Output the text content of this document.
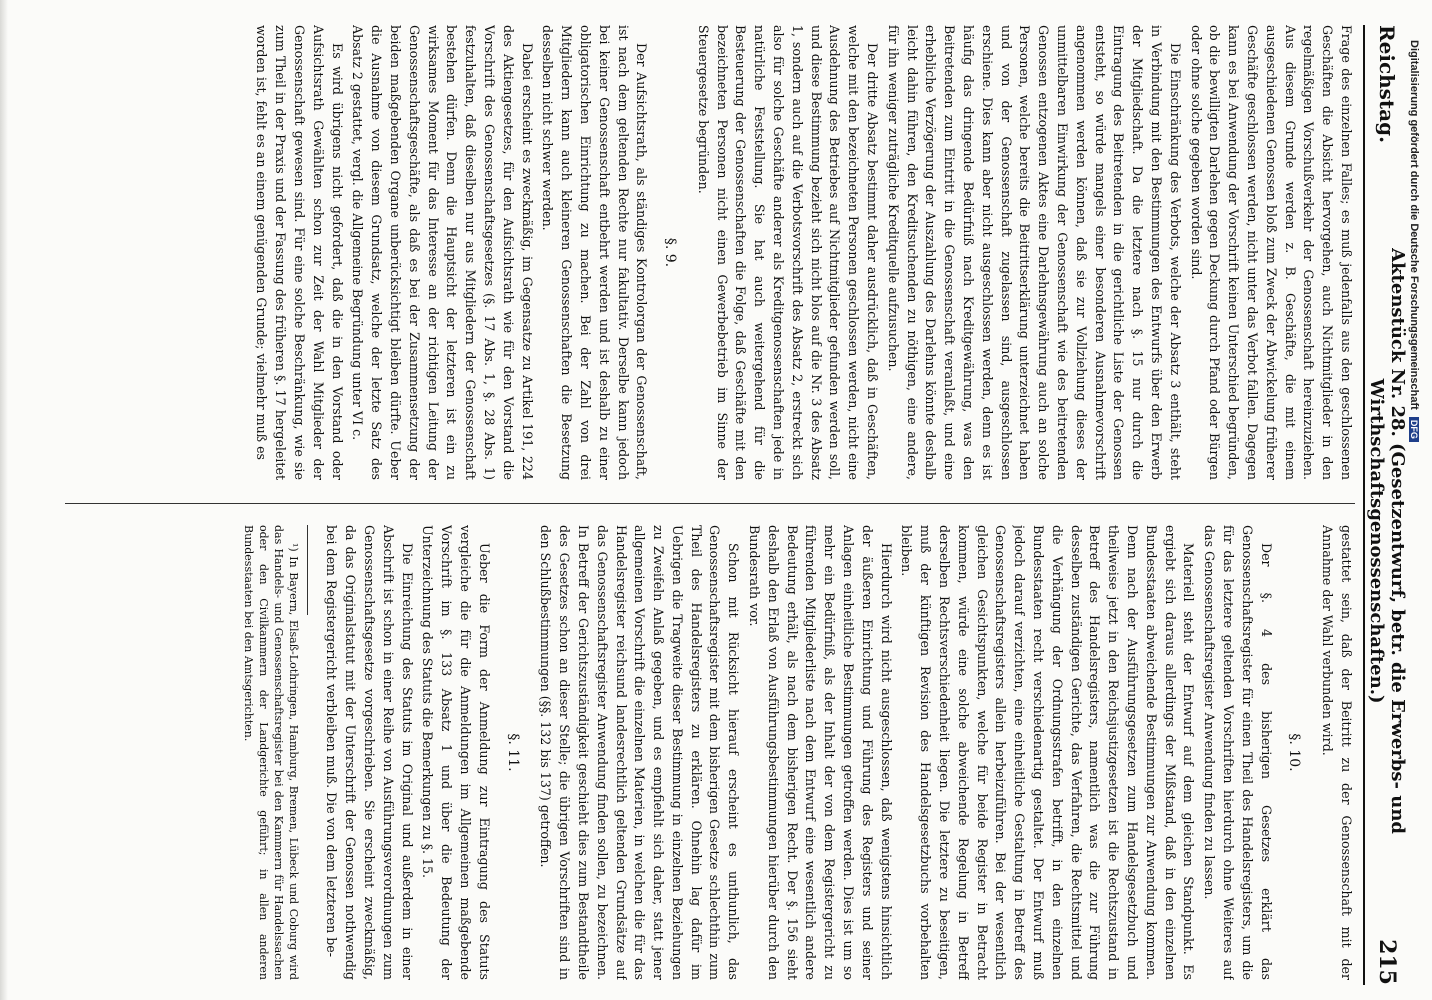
Reichstag.
Aktenstück Nr. 28. (Gesetzentwurf, betr. die Erwerbs- und Wirthschaftsgenossenschaften.)
215

Frage des einzelnen Falles; es muß jedenfalls aus den geschlossenen Geschäften die Absicht hervorgehen, auch Nichtmitglieder in den regelmäßigen Vorschußverkehr der Genossenschaft hereinzuziehen. Aus diesem Grunde werden z. B. Geschäfte, die mit einem ausgeschiedenen Genossen bloß zum Zweck der Abwickelung früherer Geschäfte geschlossen werden, nicht unter das Verbot fallen. Dagegen kann es bei Anwendung der Vorschrift keinen Unterschied begründen, ob die bewilligten Darlehen gegen Deckung durch Pfand oder Bürgen oder ohne solche gegeben worden sind.

Die Einschränkung des Verbots, welche der Absatz 3 enthält, steht in Verbindung mit den Bestimmungen des Entwurfs über den Erwerb der Mitgliedschaft. Da die letztere nach §. 15 nur durch die Eintragung des Beitretenden in die gerichtliche Liste der Genossen entsteht, so würde mangels einer besonderen Ausnahmevorschrift angenommen werden können, daß sie zur Vollziehung dieses der unmittelbaren Einwirkung der Genossenschaft wie des beitretenden Genossen entzogenen Aktes eine Darlehnsgewährung auch an solche Personen, welche bereits die Beitrittserklärung unterzeichnet haben und von der Genossenschaft zugelassen sind, ausgeschlossen erschiene. Dies kann aber nicht ausgeschlossen werden, denn es ist häufig das dringende Bedürfniß nach Kreditgewährung, was den Beitretenden zum Eintritt in die Genossenschaft veranlaßt, und eine erhebliche Verzögerung der Auszahlung des Darlehns könnte deshalb leicht dahin führen, den Kreditsuchenden zu nöthigen, eine andere, für ihn weniger zuträgliche Kreditquelle aufzusuchen.

Der dritte Absatz bestimmt daher ausdrücklich, daß in Geschäften, welche mit den bezeichneten Personen geschlossen werden, nicht eine Ausdehnung des Betriebes auf Nichtmitglieder gefunden werden soll, und diese Bestimmung bezieht sich nicht blos auf die Nr. 3 des Absatz 1, sondern auch auf die Verbotsvorschrift des Absatz 2, erstreckt sich also für solche Geschäfte anderer als Kreditgenossenschaften jede in natürliche Feststellung. Sie hat auch weitergehend für die Besteuerung der Genossenschaften die Folge, daß Geschäfte mit den bezeichneten Personen nicht einen Gewerbebetrieb im Sinne der Steuergesetze begründen.

§. 9.

Der Aufsichtsrath, als ständiges Kontrolorgan der Genossenschaft, ist nach dem geltenden Rechte nur fakultativ. Derselbe kann jedoch bei keiner Genossenschaft entbehrt werden und ist deshalb zu einer obligatorischen Einrichtung zu machen. Bei der Zahl von drei Mitgliedern kann auch kleineren Genossenschaften die Besetzung desselben nicht schwer werden.

Dabei erscheint es zweckmäßig, im Gegensatze zu Artikel 191, 224 des Aktiengesetzes, für den Aufsichtsrath wie für den Vorstand die Vorschrift des Genossenschaftsgesetzes (§. 17 Abs. 1, §. 28 Abs. 1) festzuhalten, daß dieselben nur aus Mitgliedern der Genossenschaft bestehen dürfen. Denn die Hauptsicht der letzteren ist ein zu wirksames Moment für das Interesse an der richtigen Leitung der Genossenschaftsgeschäfte, als daß es bei der Zusammensetzung der beiden maßgebenden Organe unberücksichtigt bleiben dürfte. Ueber die Ausnahme von diesem Grundsatz, welche der letzte Satz des Absatz 2 gestattet, vergl. die Allgemeine Begründung unter VI c.

Es wird übrigens nicht gefordert, daß die in den Vorstand oder Aufsichtsrath Gewählten schon zur Zeit der Wahl Mitglieder der Genossenschaft gewesen sind. Für eine solche Beschränkung, wie sie zum Theil in der Praxis und der Fassung des früheren §. 17 hergeleitet worden ist, fehlt es an einem genügenden Grunde; vielmehr muß es

gestattet sein, daß der Beitritt zu der Genossenschaft mit der Annahme der Wahl verbunden wird.

§. 10.

Der §. 4 des bisherigen Gesetzes erklärt das Genossenschaftsregister für einen Theil des Handelsregisters, um die für das letztere geltenden Vorschriften hierdurch ohne Weiteres auf das Genossenschaftsregister Anwendung finden zu lassen.

Materiell steht der Entwurf auf dem gleichen Standpunkt. Es ergiebt sich daraus allerdings der Mißstand, daß in den einzelnen Bundesstaaten abweichende Bestimmungen zur Anwendung kommen. Denn nach der Ausführungsgesetzen zum Handelsgesetzbuch und theilweise jetzt in den Reichsjustizgesetzen ist die Rechtszustand in Betreff des Handelsregisters, namentlich was die zur Führung desselben zuständigen Gerichte, das Verfahren, die Rechtsmittel und die Verhängung der Ordnungsstrafen betrifft, in den einzelnen Bundesstaaten recht verschiedenartig gestaltet. Der Entwurf muß jedoch darauf verzichten, eine einheitliche Gestaltung in Betreff des Genossenschaftsregisters allein herbeizuführen. Bei der wesentlich gleichen Gesichtspunkten, welche für beide Register in Betracht kommen, würde eine solche abweichende Regelung in Betreff derselben Rechtsverschiedenheit liegen. Die letztere zu beseitigen, muß der künftigen Revision des Handelsgesetzbuchs vorbehalten bleiben.

Hierdurch wird nicht ausgeschlossen, daß wenigstens hinsichtlich der äußeren Einrichtung und Führung des Registers und seiner Anlagen einheitliche Bestimmungen getroffen werden. Dies ist um so mehr ein Bedürfniß, als der Inhalt der von dem Registergericht zu führenden Mitgliederliste nach dem Entwurf eine wesentlich andere Bedeutung erhält, als nach dem bisherigen Recht. Der §. 156 sieht deshalb den Erlaß von Ausführungsbestimmungen hierüber durch den Bundesrath vor.

Schon mit Rücksicht hierauf erscheint es unthunlich, das Genossenschaftsregister mit dem bisherigen Gesetze schlechthin zum Theil des Handelsregisters zu erklären. Ohnehin lag dafür im Uebrigen die Tragweite dieser Bestimmung in einzelnen Beziehungen zu Zweifeln Anlaß gegeben, und es empfiehlt sich daher, statt jener allgemeinen Vorschrift die einzelnen Materien, in welchen die für das Handelsregister reichsund landesrechtlich geltenden Grundsätze auf das Genossenschaftsregister Anwendung finden sollen, zu bezeichnen. In Betreff der Gerichtszuständigkeit geschieht dies zum Bestandtheile des Gesetzes schon an dieser Stelle; die übrigen Vorschriften sind in den Schlußbestimmungen (§§. 132 bis 137) getroffen.

§. 11.

Ueber die Form der Anmeldung zur Eintragung des Statuts vergleiche die für die Anmeldungen im Allgemeinen maßgebende Vorschrift im §. 133 Absatz 1 und über die Bedeutung der Unterzeichnung des Statuts die Bemerkungen zu §. 15.

Die Einreichung des Statuts im Original und außerdem in einer Abschrift ist schon in einer Reihe von Ausführungsverordnungen zum Genossenschaftsgesetze vorgeschrieben. Sie erscheint zweckmäßig, da das Originalstatut mit der Unterschrift der Genossen nothwendig bei dem Registergericht verbleiben muß. Die von dem letzteren be-

¹) In Bayern, Elsaß-Lothringen, Hamburg, Bremen, Lübeck und Coburg wird das Handels- und Genossenschaftsregister bei den Kammern für Handelssachen oder den Civilkammern der Landgerichte geführt; in allen anderen Bundesstaaten bei den Amtsgerichten.

Digitalisierung gefördert durch die Deutsche Forschungsgemeinschaft DFG
